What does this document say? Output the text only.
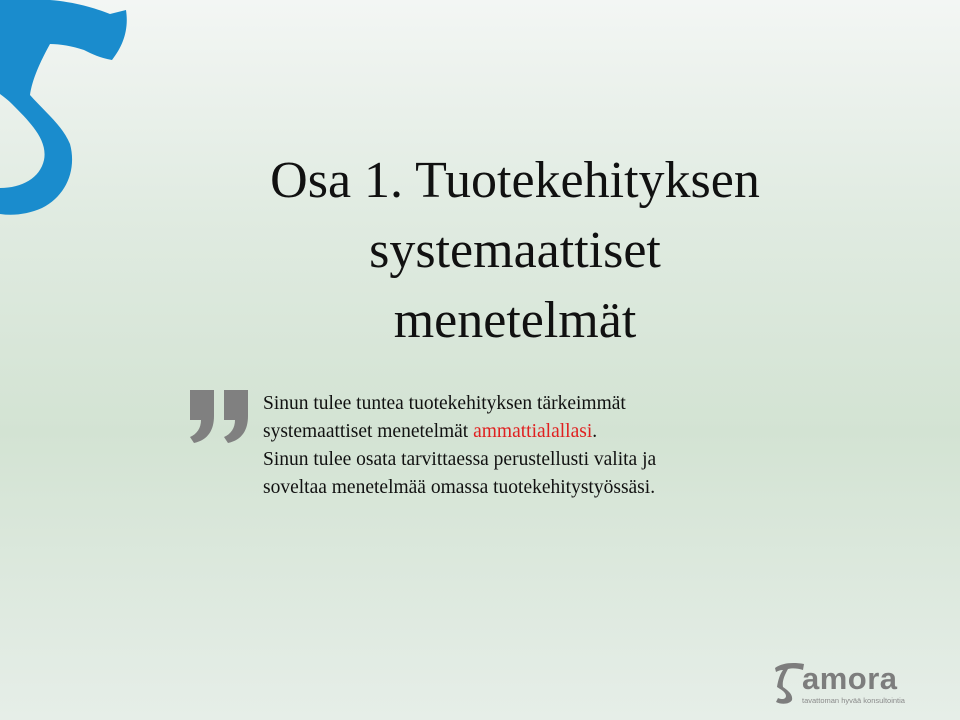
Osa 1. Tuotekehityksen
systemaattiset
menetelmät
Sinun tulee tuntea tuotekehityksen tärkeimmät
systemaattiset menetelmät ammattialallasi.
Sinun tulee osata tarvittaessa perustellusti valita ja
soveltaa menetelmää omassa tuotekehitystyössäsi.
amora
tavattoman hyvää konsultointia
